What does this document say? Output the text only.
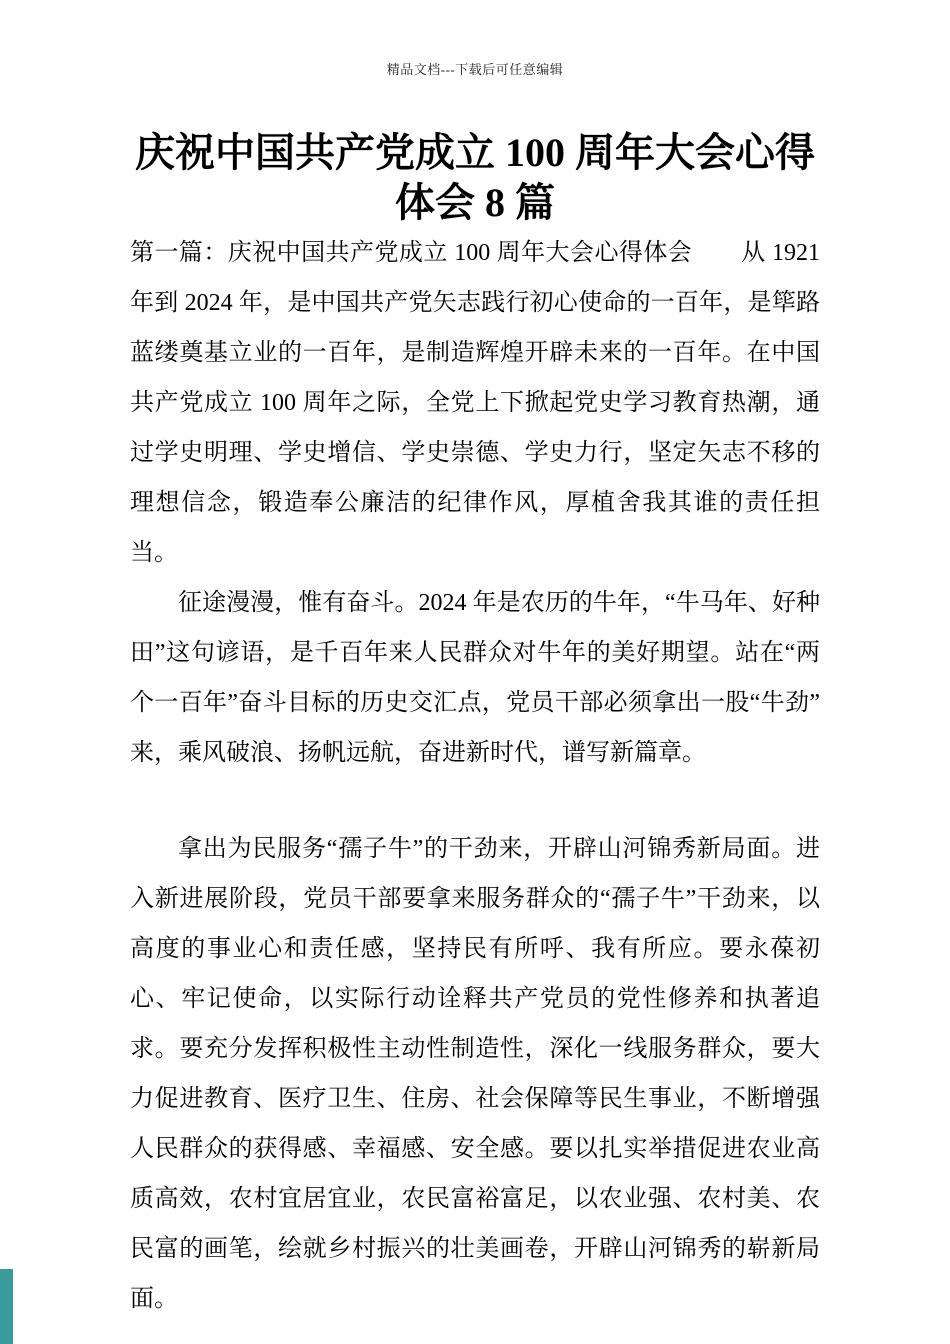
精品文档---下载后可任意编辑
庆祝中国共产党成立 100 周年大会心得
体会 8 篇

第一篇：庆祝中国共产党成立 100 周年大会心得体会　　从 1921 年到 2024 年，是中国共产党矢志践行初心使命的一百年，是筚路蓝缕奠基立业的一百年，是制造辉煌开辟未来的一百年。在中国共产党成立 100 周年之际，全党上下掀起党史学习教育热潮，通过学史明理、学史增信、学史崇德、学史力行，坚定矢志不移的理想信念，锻造奉公廉洁的纪律作风，厚植舍我其谁的责任担当。

征途漫漫，惟有奋斗。2024 年是农历的牛年，“牛马年、好种田”这句谚语，是千百年来人民群众对牛年的美好期望。站在“两个一百年”奋斗目标的历史交汇点，党员干部必须拿出一股“牛劲”来，乘风破浪、扬帆远航，奋进新时代，谱写新篇章。

拿出为民服务“孺子牛”的干劲来，开辟山河锦秀新局面。进入新进展阶段，党员干部要拿来服务群众的“孺子牛”干劲来，以高度的事业心和责任感，坚持民有所呼、我有所应。要永葆初心、牢记使命，以实际行动诠释共产党员的党性修养和执著追求。要充分发挥积极性主动性制造性，深化一线服务群众，要大力促进教育、医疗卫生、住房、社会保障等民生事业，不断增强人民群众的获得感、幸福感、安全感。要以扎实举措促进农业高质高效，农村宜居宜业，农民富裕富足，以农业强、农村美、农民富的画笔，绘就乡村振兴的壮美画卷，开辟山河锦秀的崭新局面。
